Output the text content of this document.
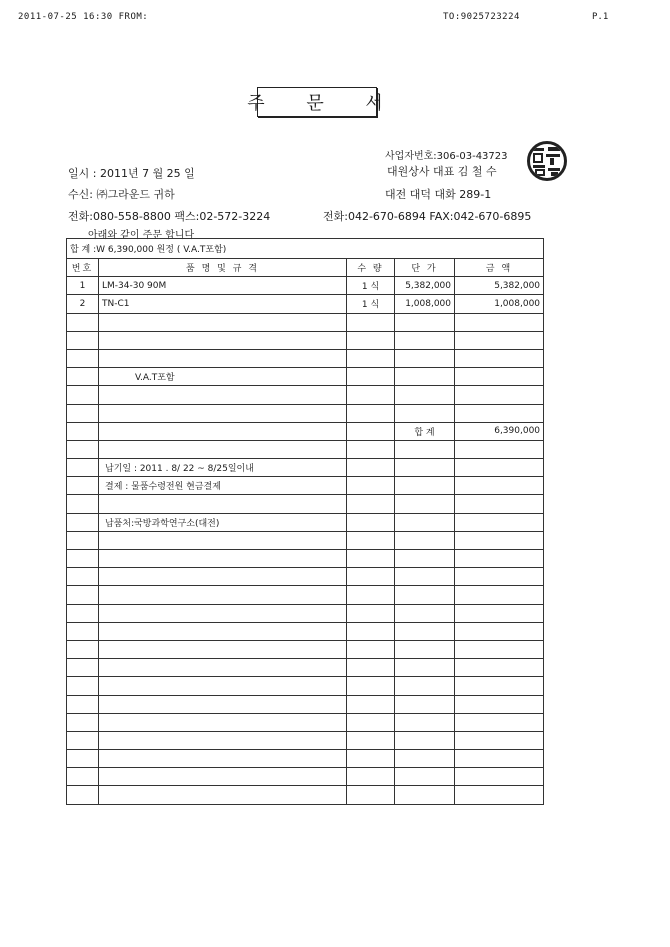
2011-07-25 16:30 FROM:	TO:9025723224	P.1
주 문 서
사업자번호:306-03-43723
일시 : 2011년 7 월 25 일	대원상사 대표 김 철 수
수신: ㈜그라운드 귀하	대전 대덕 대화 289-1
전화:080-558-8800 팩스:02-572-3224	전화:042-670-6894 FAX:042-670-6895
아래와 같이 주문 합니다
합 계 :W 6,390,000 원정 ( V.A.T포함)				
번호	품 명 및 규 격	수 량	단 가	금 액
1	LM-34-30 90M	1 식	5,382,000	5,382,000
2	TN-C1	1 식	1,008,000	1,008,000

	V.A.T포함			

			합 계	6,390,000

	납기일 : 2011 . 8/ 22 ~ 8/25일이내			
	결제 : 물품수령전원 현금결제			

	납품처:국방과학연구소(대전)			
